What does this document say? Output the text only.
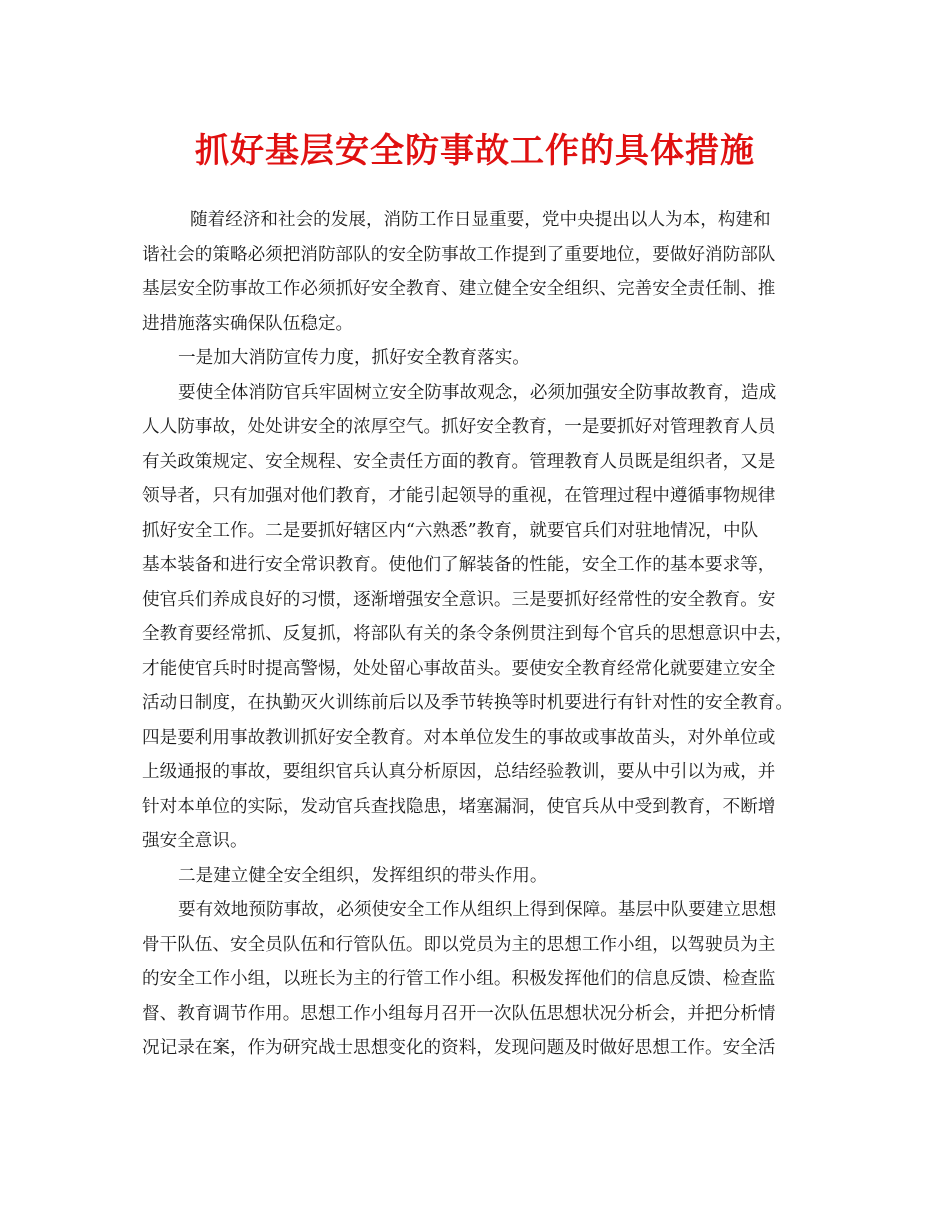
抓好基层安全防事故工作的具体措施
随着经济和社会的发展，消防工作日显重要，党中央提出以人为本，构建和
谐社会的策略必须把消防部队的安全防事故工作提到了重要地位，要做好消防部队
基层安全防事故工作必须抓好安全教育、建立健全安全组织、完善安全责任制、推
进措施落实确保队伍稳定。
一是加大消防宣传力度，抓好安全教育落实。
要使全体消防官兵牢固树立安全防事故观念，必须加强安全防事故教育，造成
人人防事故，处处讲安全的浓厚空气。抓好安全教育，一是要抓好对管理教育人员
有关政策规定、安全规程、安全责任方面的教育。管理教育人员既是组织者，又是
领导者，只有加强对他们教育，才能引起领导的重视，在管理过程中遵循事物规律
抓好安全工作。二是要抓好辖区内“六熟悉”教育，就要官兵们对驻地情况，中队
基本装备和进行安全常识教育。使他们了解装备的性能，安全工作的基本要求等，
使官兵们养成良好的习惯，逐渐增强安全意识。三是要抓好经常性的安全教育。安
全教育要经常抓、反复抓，将部队有关的条令条例贯注到每个官兵的思想意识中去，
才能使官兵时时提高警惕，处处留心事故苗头。要使安全教育经常化就要建立安全
活动日制度，在执勤灭火训练前后以及季节转换等时机要进行有针对性的安全教育。
四是要利用事故教训抓好安全教育。对本单位发生的事故或事故苗头，对外单位或
上级通报的事故，要组织官兵认真分析原因，总结经验教训，要从中引以为戒，并
针对本单位的实际，发动官兵查找隐患，堵塞漏洞，使官兵从中受到教育，不断增
强安全意识。
二是建立健全安全组织，发挥组织的带头作用。
要有效地预防事故，必须使安全工作从组织上得到保障。基层中队要建立思想
骨干队伍、安全员队伍和行管队伍。即以党员为主的思想工作小组，以驾驶员为主
的安全工作小组，以班长为主的行管工作小组。积极发挥他们的信息反馈、检查监
督、教育调节作用。思想工作小组每月召开一次队伍思想状况分析会，并把分析情
况记录在案，作为研究战士思想变化的资料，发现问题及时做好思想工作。安全活
